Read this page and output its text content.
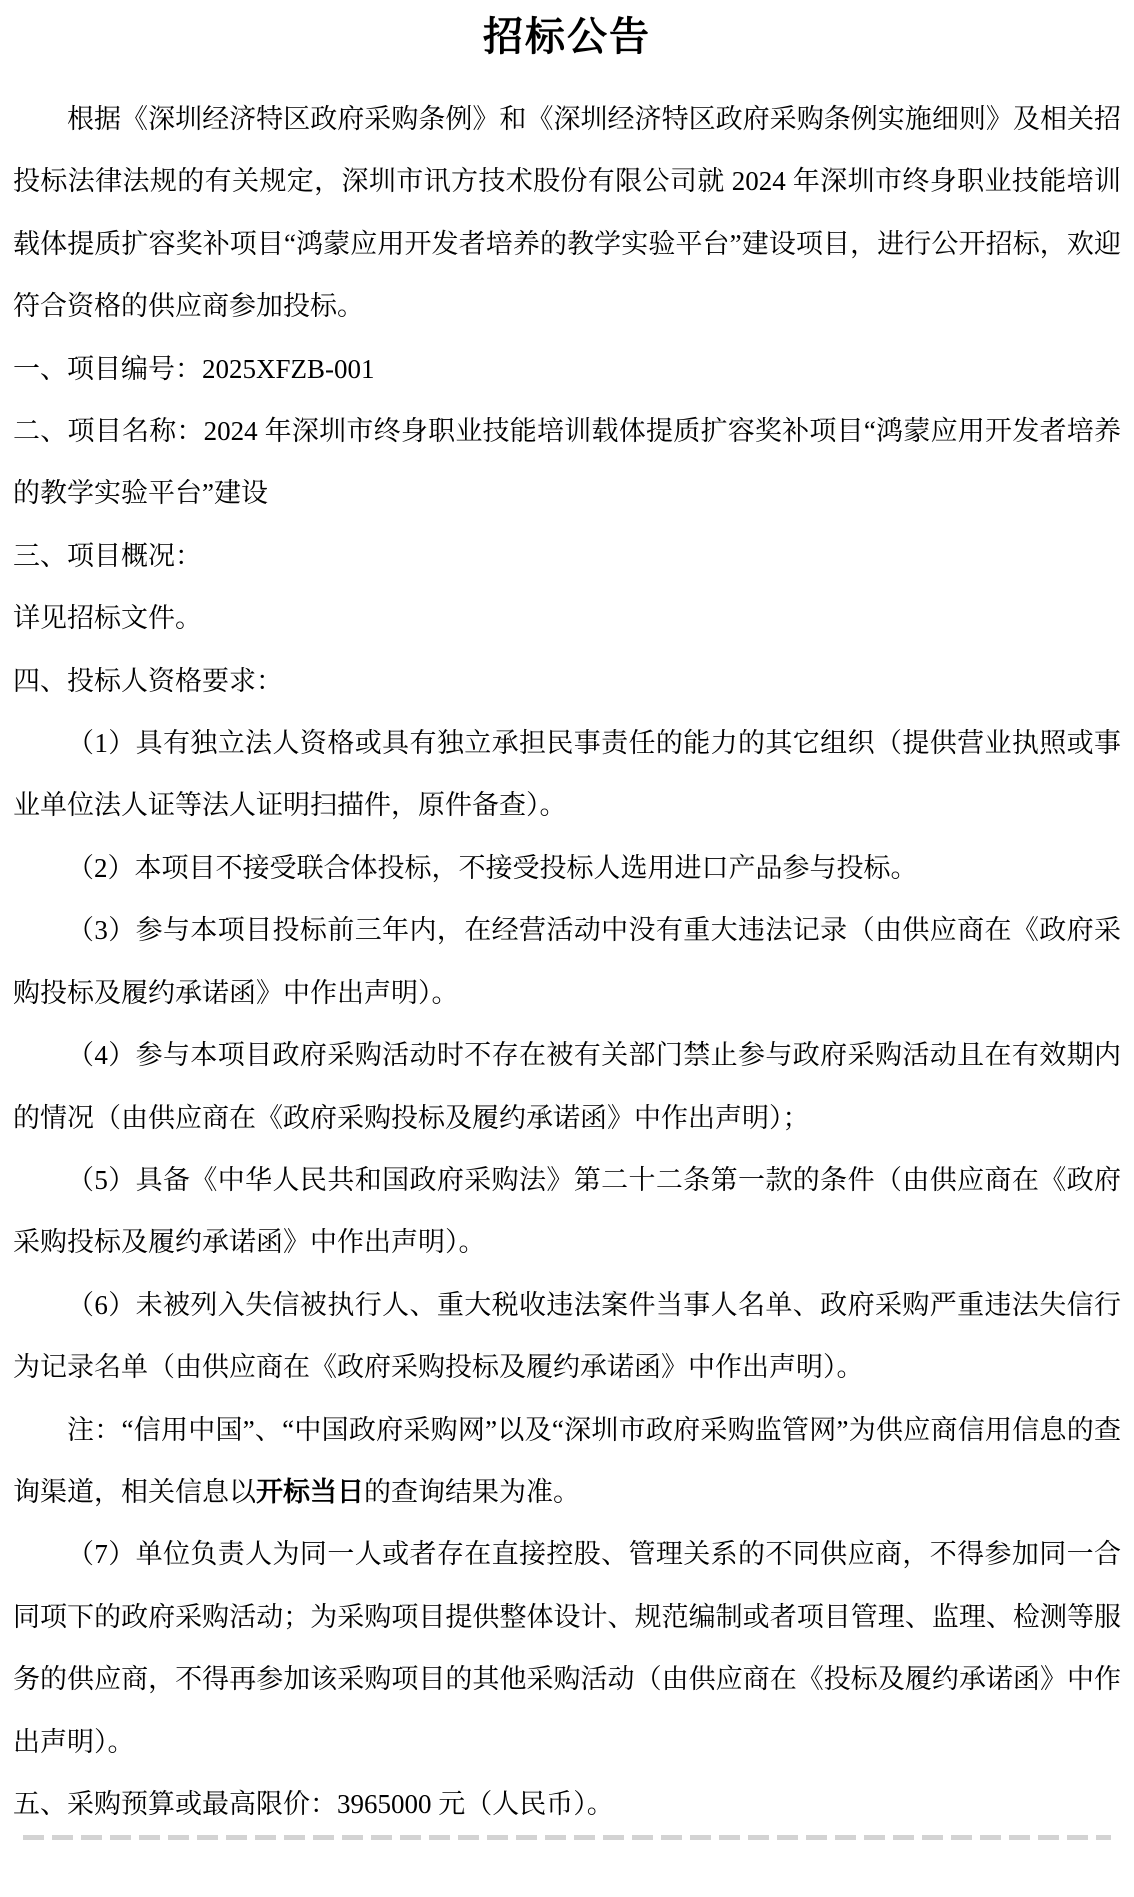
招标公告

根据《深圳经济特区政府采购条例》和《深圳经济特区政府采购条例实施细则》及相关招投标法律法规的有关规定，深圳市讯方技术股份有限公司就 2024 年深圳市终身职业技能培训载体提质扩容奖补项目“鸿蒙应用开发者培养的教学实验平台”建设项目，进行公开招标，欢迎符合资格的供应商参加投标。

一、项目编号：2025XFZB-001

二、项目名称：2024 年深圳市终身职业技能培训载体提质扩容奖补项目“鸿蒙应用开发者培养的教学实验平台”建设

三、项目概况：

详见招标文件。

四、投标人资格要求：

（1）具有独立法人资格或具有独立承担民事责任的能力的其它组织（提供营业执照或事业单位法人证等法人证明扫描件，原件备查）。

（2）本项目不接受联合体投标，不接受投标人选用进口产品参与投标。

（3）参与本项目投标前三年内，在经营活动中没有重大违法记录（由供应商在《政府采购投标及履约承诺函》中作出声明）。

（4）参与本项目政府采购活动时不存在被有关部门禁止参与政府采购活动且在有效期内的情况（由供应商在《政府采购投标及履约承诺函》中作出声明）；

（5）具备《中华人民共和国政府采购法》第二十二条第一款的条件（由供应商在《政府采购投标及履约承诺函》中作出声明）。

（6）未被列入失信被执行人、重大税收违法案件当事人名单、政府采购严重违法失信行为记录名单（由供应商在《政府采购投标及履约承诺函》中作出声明）。

注：“信用中国”、“中国政府采购网”以及“深圳市政府采购监管网”为供应商信用信息的查询渠道，相关信息以开标当日的查询结果为准。

（7）单位负责人为同一人或者存在直接控股、管理关系的不同供应商，不得参加同一合同项下的政府采购活动；为采购项目提供整体设计、规范编制或者项目管理、监理、检测等服务的供应商，不得再参加该采购项目的其他采购活动（由供应商在《投标及履约承诺函》中作出声明）。

五、采购预算或最高限价：3965000 元（人民币）。
